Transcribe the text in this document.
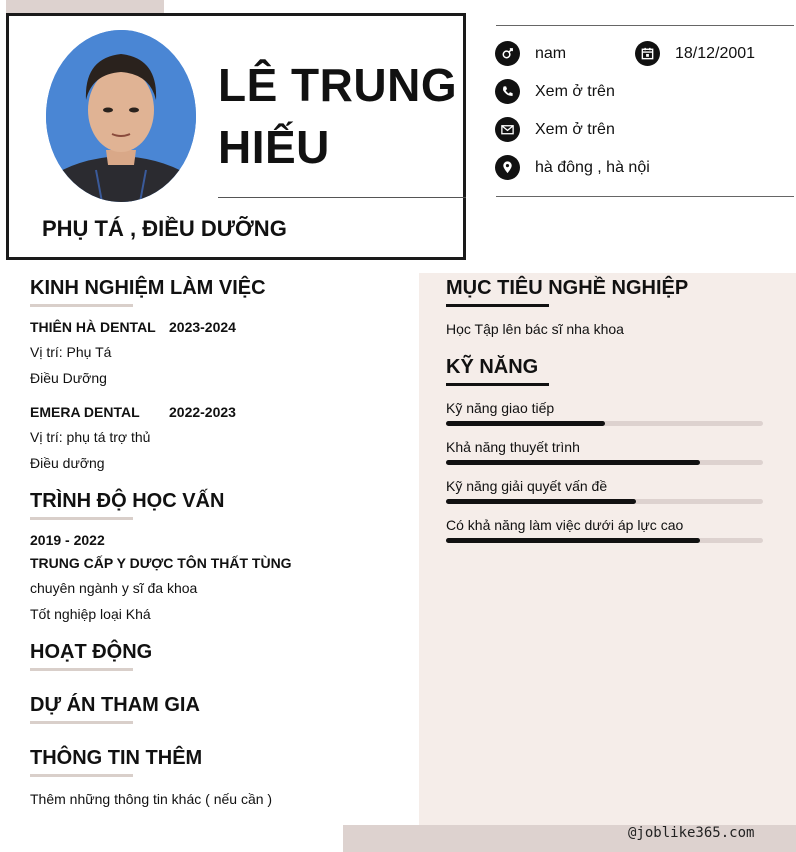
LÊ TRUNG
HIẾU
PHỤ TÁ , ĐIỀU DƯỠNG
nam	18/12/2001
Xem ở trên
Xem ở trên
hà đông , hà nội
KINH NGHIỆM LÀM VIỆC
THIÊN HÀ DENTAL 2023-2024
Vị trí: Phụ Tá
Điều Dưỡng
EMERA DENTAL 2022-2023
Vị trí: phụ tá trợ thủ
Điều dưỡng
TRÌNH ĐỘ HỌC VẤN
2019 - 2022
TRUNG CẤP Y DƯỢC TÔN THẤT TÙNG
chuyên ngành y sĩ đa khoa
Tốt nghiệp loại Khá
HOẠT ĐỘNG
DỰ ÁN THAM GIA
THÔNG TIN THÊM
Thêm những thông tin khác ( nếu cần )
MỤC TIÊU NGHỀ NGHIỆP
Học Tập lên bác sĩ nha khoa
KỸ NĂNG
Kỹ năng giao tiếp
Khả năng thuyết trình
Kỹ năng giải quyết vấn đề
Có khả năng làm việc dưới áp lực cao
@joblike365.com
